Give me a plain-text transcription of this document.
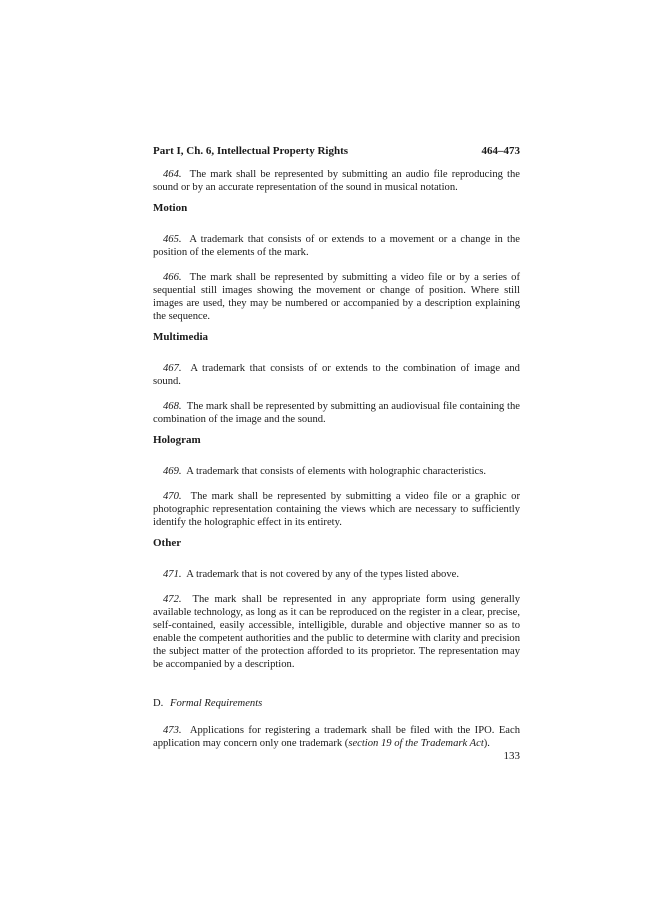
Part I, Ch. 6, Intellectual Property Rights	464–473

464. The mark shall be represented by submitting an audio file reproducing the sound or by an accurate representation of the sound in musical notation.

Motion

465. A trademark that consists of or extends to a movement or a change in the position of the elements of the mark.

466. The mark shall be represented by submitting a video file or by a series of sequential still images showing the movement or change of position. Where still images are used, they may be numbered or accompanied by a description explaining the sequence.

Multimedia

467. A trademark that consists of or extends to the combination of image and sound.

468. The mark shall be represented by submitting an audiovisual file containing the combination of the image and the sound.

Hologram

469. A trademark that consists of elements with holographic characteristics.

470. The mark shall be represented by submitting a video file or a graphic or photographic representation containing the views which are necessary to sufficiently identify the holographic effect in its entirety.

Other

471. A trademark that is not covered by any of the types listed above.

472. The mark shall be represented in any appropriate form using generally available technology, as long as it can be reproduced on the register in a clear, precise, self-contained, easily accessible, intelligible, durable and objective manner so as to enable the competent authorities and the public to determine with clarity and precision the subject matter of the protection afforded to its proprietor. The representation may be accompanied by a description.

D. Formal Requirements

473. Applications for registering a trademark shall be filed with the IPO. Each application may concern only one trademark (section 19 of the Trademark Act).

133
